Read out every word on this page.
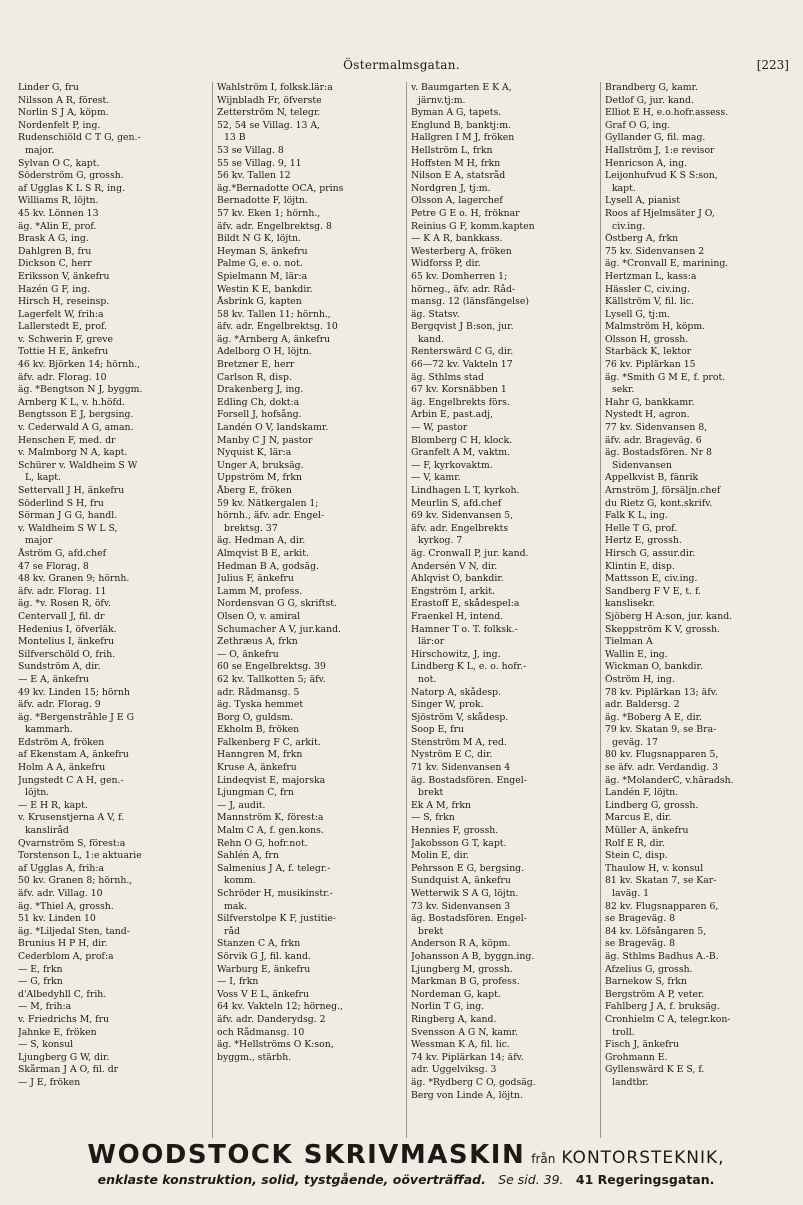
Östermalmsgatan.	[223]
Linder G, fru
Nilsson A R, förest.
Norlin S J A, köpm.
Nordenfelt P, ing.
Rudenschiöld C T G, gen.-
major.
Sylvan O C, kapt.
Söderström G, grossh.
af Ugglas K L S R, ing.
Williams R, löjtn.
45 kv. Lönnen 13
äg. *Alin E, prof.
Brask A G, ing.
Dahlgren B, fru
Dickson C, herr
Eriksson V, änkefru
Hazén G F, ing.
Hirsch H, reseinsp.
Lagerfelt W, frih:a
Lallerstedt E, prof.
v. Schwerin F, greve
Tottie H E, änkefru
46 kv. Björken 14; hörnh.,
äfv. adr. Florag. 10
äg. *Bengtson N J, byggm.
Arnberg K L, v. h.höfd.
Bengtsson E J, bergsing.
v. Cederwald A G, aman.
Henschen F, med. dr
v. Malmborg N A, kapt.
Schürer v. Waldheim S W
L, kapt.
Settervall J H, änkefru
Söderlind S H, fru
Sörman J G G, handl.
v. Waldheim S W L S,
major
Åström G, afd.chef
47 se Florag. 8
48 kv. Granen 9; hörnh.
äfv. adr. Florag. 11
äg. *v. Rosen R, öfv.
Centervall J, fil. dr
Hedenius I, öfverläk.
Montelius I, änkefru
Silfverschöld O, frih.
Sundström A, dir.
— E A, änkefru
49 kv. Linden 15; hörnh
äfv. adr. Florag. 9
äg. *Bergenstråhle J E G
kammarh.
Edström A, fröken
af Ekenstam A, änkefru
Holm A A, änkefru
Jungstedt C A H, gen.-
löjtn.
— E H R, kapt.
v. Krusenstjerna A V, f.
kansliråd
Qvarnström S, förest:a
Torstenson L, 1:e aktuarie
af Ugglas A, frih:a
50 kv. Granen 8; hörnh.,
äfv. adr. Villag. 10
äg. *Thiel A, grossh.
51 kv. Linden 10
äg. *Liljedal Sten, tand-
Brunius H P H, dir.
Cederblom A, prof:a
— E, frkn
— G, frkn
d'Albedyhll C, frih.
— M, frih:a
v. Friedrichs M, fru
Jahnke E, fröken
— S, konsul
Ljungberg G W, dir.
Skårman J A O, fil. dr
— J E, fröken
Wahlström I, folksk.lär:a
Wijnbladh Fr, öfverste
Zetterström N, telegr.
52, 54 se Villag. 13 A,
13 B
53 se Villag. 8
55 se Villag. 9, 11
56 kv. Tallen 12
äg.*Bernadotte OCA, prins
Bernadotte F, löjtn.
57 kv. Eken 1; hörnh.,
äfv. adr. Engelbrektsg. 8
Bildt N G K, löjtn.
Heyman S, änkefru
Palme G, e. o. not.
Spielmann M, lär:a
Westin K E, bankdir.
Åsbrink G, kapten
58 kv. Tallen 11; hörnh.,
äfv. adr. Engelbrektsg. 10
äg. *Arnberg A, änkefru
Adelborg O H, löjtn.
Bretzner E, herr
Carlson R, disp.
Drakenberg J, ing.
Edling Ch, dokt:a
Forsell J, hofsång.
Landén O V, landskamr.
Manby C J N, pastor
Nyquist K, lär:a
Unger A, bruksäg.
Uppström M, frkn
Åberg E, fröken
59 kv. Nätkergalen 1;
hörnh., äfv. adr. Engel-
brektsg. 37
äg. Hedman A, dir.
Almqvist B E, arkit.
Hedman B A, godsäg.
Julius F, änkefru
Lamm M, profess.
Nordensvan G G, skriftst.
Olsen O, v. amiral
Schumacher A V, jur.kand.
Zethræus A, frkn
— O, änkefru
60 se Engelbrektsg. 39
62 kv. Tallkotten 5; äfv.
adr. Rådmansg. 5
äg. Tyska hemmet
Borg O, guldsm.
Ekholm B, fröken
Falkenberg F C, arkit.
Hanngren M, frkn
Kruse A, änkefru
Lindeqvist E, majorska
Ljungman C, frn
— J, audit.
Mannström K, förest:a
Malm C A, f. gen.kons.
Rehn O G, hofr.not.
Sahlén A, frn
Salmenius J A, f. telegr.-
komm.
Schröder H, musikinstr.-
mak.
Silfverstolpe K F, justitie-
råd
Stanzen C A, frkn
Sörvik G J, fil. kand.
Warburg E, änkefru
— I, frkn
Voss V E L, änkefru
64 kv. Vakteln 12; hörneg.,
äfv. adr. Danderydsg. 2
och Rådmansg. 10
äg. *Hellströms O K:son,
byggm., stärbh.
v. Baumgarten E K A,
järnv.tj:m.
Byman A G, tapets.
Englund B, banktj:m.
Hallgren I M J, fröken
Hellström L, frkn
Hoffsten M H, frkn
Nilson E A, statsråd
Nordgren J, tj:m.
Olsson A, lagerchef
Petre G E o. H, fröknar
Reinius G F, komm.kapten
— K A R, bankkass.
Westerberg A, fröken
Widforss P, dir.
65 kv. Domherren 1;
hörneg., äfv. adr. Råd-
mansg. 12 (länsfängelse)
äg. Statsv.
Bergqvist J B:son, jur.
kand.
Renterswärd C G, dir.
66—72 kv. Vakteln 17
äg. Sthlms stad
67 kv. Korsnäbben 1
äg. Engelbrekts förs.
Arbin E, past.adj,
— W, pastor
Blomberg C H, klock.
Granfelt A M, vaktm.
— F, kyrkovaktm.
— V, kamr.
Lindhagen L T, kyrkoh.
Meurlin S, afd.chef
69 kv. Sidenvansen 5,
äfv. adr. Engelbrekts
kyrkog. 7
äg. Cronwall P, jur. kand.
Andersén V N, dir.
Ahlqvist O, bankdir.
Engström I, arkit.
Erastoff E, skådespel:a
Fraenkel H, intend.
Hamner T o. T. folksk.-
lär:or
Hirschowitz, J, ing.
Lindberg K L, e. o. hofr.-
not.
Natorp A, skådesp.
Singer W, prok.
Sjöström V, skådesp.
Soop E, fru
Stenström M A, red.
Nyström E C, dir.
71 kv. Sidenvansen 4
äg. Bostadsfören. Engel-
brekt
Ek A M, frkn
— S, frkn
Hennies F, grossh.
Jakobsson G T, kapt.
Molin E, dir.
Pehrsson E G, bergsing.
Sundquist A, änkefru
Wetterwik S A G, löjtn.
73 kv. Sidenvansen 3
äg. Bostadsfören. Engel-
brekt
Anderson R A, köpm.
Johansson A B, byggn.ing.
Ljungberg M, grossh.
Markman B G, profess.
Nordeman G, kapt.
Norlin T G, ing.
Ringberg A, kand.
Svensson A G N, kamr.
Wessman K A, fil. lic.
74 kv. Piplärkan 14; äfv.
adr. Uggelviksg. 3
äg. *Rydberg C O, godsäg.
Berg von Linde A, löjtn.
Brandberg G, kamr.
Detlof G, jur. kand.
Elliot E H, e.o.hofr.assess.
Graf O G, ing.
Gyllander G, fil. mag.
Hallström J, 1:e revisor
Henricson A, ing.
Leijonhufvud K S S:son,
kapt.
Lysell A, pianist
Roos af Hjelmsäter J O,
civ.ing.
Östberg A, frkn
75 kv. Sidenvansen 2
äg. *Cronvall E, marining.
Hertzman L, kass:a
Hässler C, civ.ing.
Källström V, fil. lic.
Lysell G, tj:m.
Malmström H, köpm.
Olsson H, grossh.
Starbäck K, lektor
76 kv. Piplärkan 15
äg. *Smith G M E, f. prot.
sekr.
Hahr G, bankkamr.
Nystedt H, agron.
77 kv. Sidenvansen 8,
äfv. adr. Brageväg. 6
äg. Bostadsfören. Nr 8
Sidenvansen
Appelkvist B, fänrik
Arnström J, försäljn.chef
du Rietz G, kont.skrifv.
Falk K L, ing.
Helle T G, prof.
Hertz E, grossh.
Hirsch G, assur.dir.
Klintin E, disp.
Mattsson E, civ.ing.
Sandberg F V E, t. f.
kanslisekr.
Sjöberg H A:son, jur. kand.
Skeppström K V, grossh.
Tielman A
Wallin E, ing.
Wickman O, bankdir.
Öström H, ing.
78 kv. Piplärkan 13; äfv.
adr. Baldersg. 2
äg. *Boberg A E, dir.
79 kv. Skatan 9, se Bra-
geväg. 17
80 kv. Flugsnapparen 5,
se äfv. adr. Verdandig. 3
äg. *MolanderC, v.häradsh.
Landén F, löjtn.
Lindberg G, grossh.
Marcus E, dir.
Müller A, änkefru
Rolf E R, dir.
Stein C, disp.
Thaulow H, v. konsul
81 kv. Skatan 7, se Kar-
laväg. 1
82 kv. Flugsnapparen 6,
se Brageväg. 8
84 kv. Löfsångaren 5,
se Brageväg. 8
äg. Sthlms Badhus A.-B.
Afzelius G, grossh.
Barnekow S, frkn
Bergström A P, veter.
Fahlberg J A, f. bruksäg.
Cronhielm C A, telegr.kon-
troll.
Fisch J, änkefru
Grohmann E.
Gyllenswärd K E S, f.
landtbr.
WOODSTOCK SKRIVMASKIN från KONTORSTEKNIK,
enklaste konstruktion, solid, tystgående, oöverträffad. Se sid. 39. 41 Regeringsgatan.
